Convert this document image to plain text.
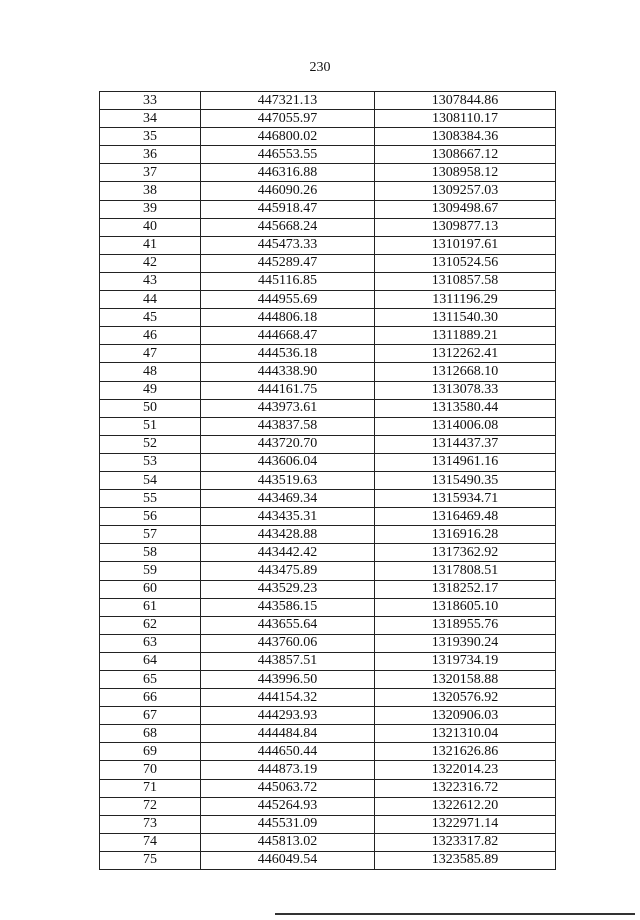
230
33	447321.13	1307844.86
34	447055.97	1308110.17
35	446800.02	1308384.36
36	446553.55	1308667.12
37	446316.88	1308958.12
38	446090.26	1309257.03
39	445918.47	1309498.67
40	445668.24	1309877.13
41	445473.33	1310197.61
42	445289.47	1310524.56
43	445116.85	1310857.58
44	444955.69	1311196.29
45	444806.18	1311540.30
46	444668.47	1311889.21
47	444536.18	1312262.41
48	444338.90	1312668.10
49	444161.75	1313078.33
50	443973.61	1313580.44
51	443837.58	1314006.08
52	443720.70	1314437.37
53	443606.04	1314961.16
54	443519.63	1315490.35
55	443469.34	1315934.71
56	443435.31	1316469.48
57	443428.88	1316916.28
58	443442.42	1317362.92
59	443475.89	1317808.51
60	443529.23	1318252.17
61	443586.15	1318605.10
62	443655.64	1318955.76
63	443760.06	1319390.24
64	443857.51	1319734.19
65	443996.50	1320158.88
66	444154.32	1320576.92
67	444293.93	1320906.03
68	444484.84	1321310.04
69	444650.44	1321626.86
70	444873.19	1322014.23
71	445063.72	1322316.72
72	445264.93	1322612.20
73	445531.09	1322971.14
74	445813.02	1323317.82
75	446049.54	1323585.89
